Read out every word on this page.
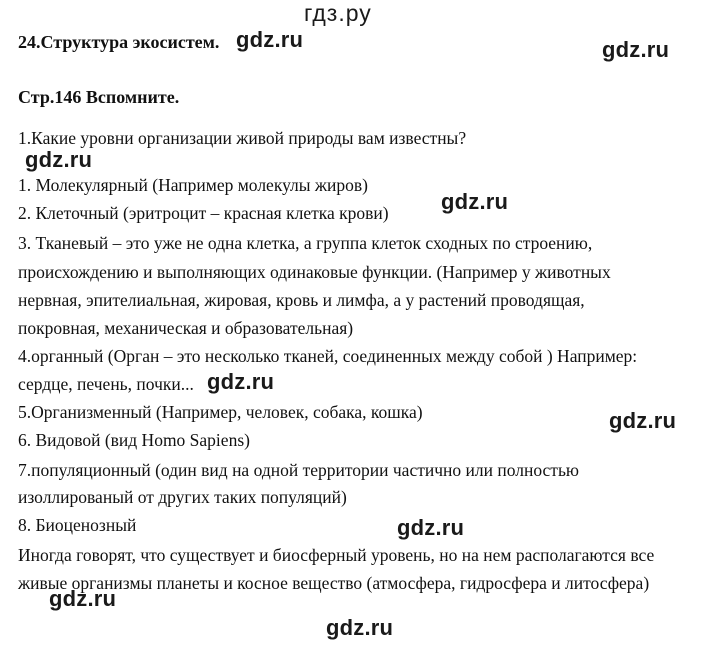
гдз.ру
24.Структура экосистем. gdz.ru	gdz.ru
Стр.146 Вспомните.
1.Какие уровни организации живой природы вам известны?
gdz.ru
1. Молекулярный (Например молекулы жиров)
gdz.ru
2. Клеточный (эритроцит – красная клетка крови)
3. Тканевый – это уже не одна клетка, а группа клеток сходных по строению,
происхождению и выполняющих одинаковые функции. (Например у животных
нервная, эпителиальная, жировая, кровь и лимфа, а у растений проводящая,
покровная, механическая и образовательная)
4.органный (Орган – это несколько тканей, соединенных между собой ) Например:
сердце, печень, почки... gdz.ru
5.Организменный (Например, человек, собака, кошка)	gdz.ru
6. Видовой (вид Homo Sapiens)
7.популяционный (один вид на одной территории частично или полностью
изоллированый от других таких популяций)
8. Биоценозный	gdz.ru
Иногда говорят, что существует и биосферный уровень, но на нем располагаются все
живые организмы планеты и косное вещество (атмосфера, гидросфера и литосфера)
gdz.ru
gdz.ru
